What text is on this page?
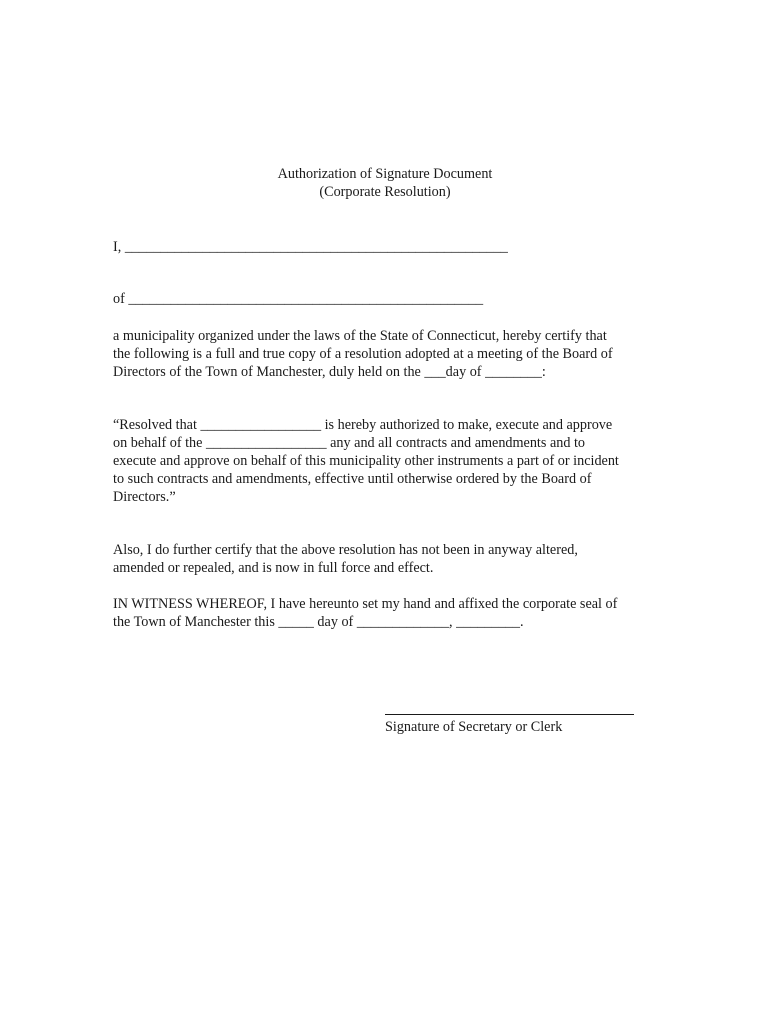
Authorization of Signature Document
(Corporate Resolution)
I, ______________________________________________________
of __________________________________________________
a municipality organized under the laws of the State of Connecticut, hereby certify that
the following is a full and true copy of a resolution adopted at a meeting of the Board of
Directors of the Town of Manchester, duly held on the ___day of ________:
“Resolved that _________________ is hereby authorized to make, execute and approve
on behalf of the _________________ any and all contracts and amendments and to
execute and approve on behalf of this municipality other instruments a part of or incident
to such contracts and amendments, effective until otherwise ordered by the Board of
Directors.”
Also, I do further certify that the above resolution has not been in anyway altered,
amended or repealed, and is now in full force and effect.
IN WITNESS WHEREOF, I have hereunto set my hand and affixed the corporate seal of
the Town of Manchester this _____ day of _____________, _________.
Signature of Secretary or Clerk
